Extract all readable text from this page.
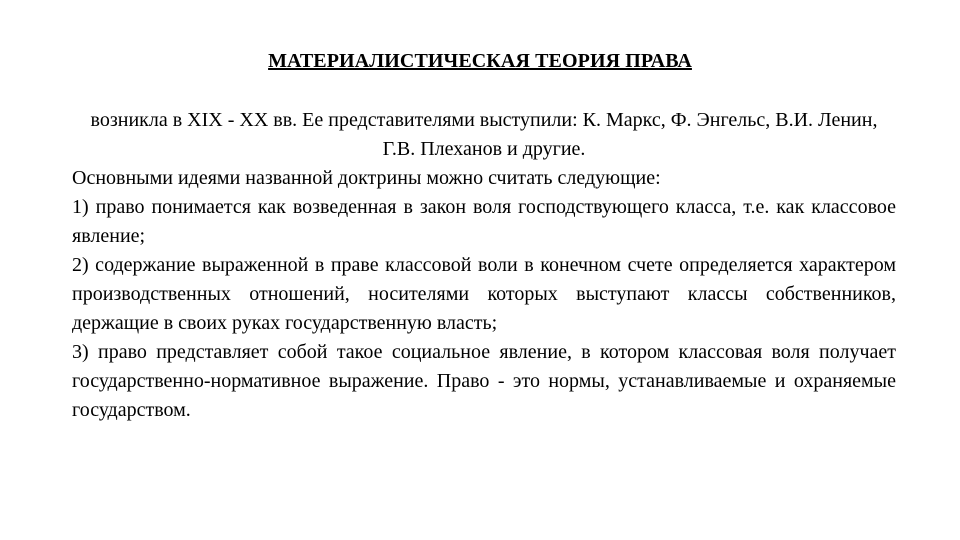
МАТЕРИАЛИСТИЧЕСКАЯ ТЕОРИЯ ПРАВА

возникла в XIX - XX вв. Ее представителями выступили: К. Маркс, Ф. Энгельс, В.И. Ленин, Г.В. Плеханов и другие.

Основными идеями названной доктрины можно считать следующие:

1) право понимается как возведенная в закон воля господствующего класса, т.е. как классовое явление;

2) содержание выраженной в праве классовой воли в конечном счете определяется характером производственных отношений, носителями которых выступают классы собственников, держащие в своих руках государственную власть;

3) право представляет собой такое социальное явление, в котором классовая воля получает государственно-нормативное выражение. Право - это нормы, устанавливаемые и охраняемые государством.
